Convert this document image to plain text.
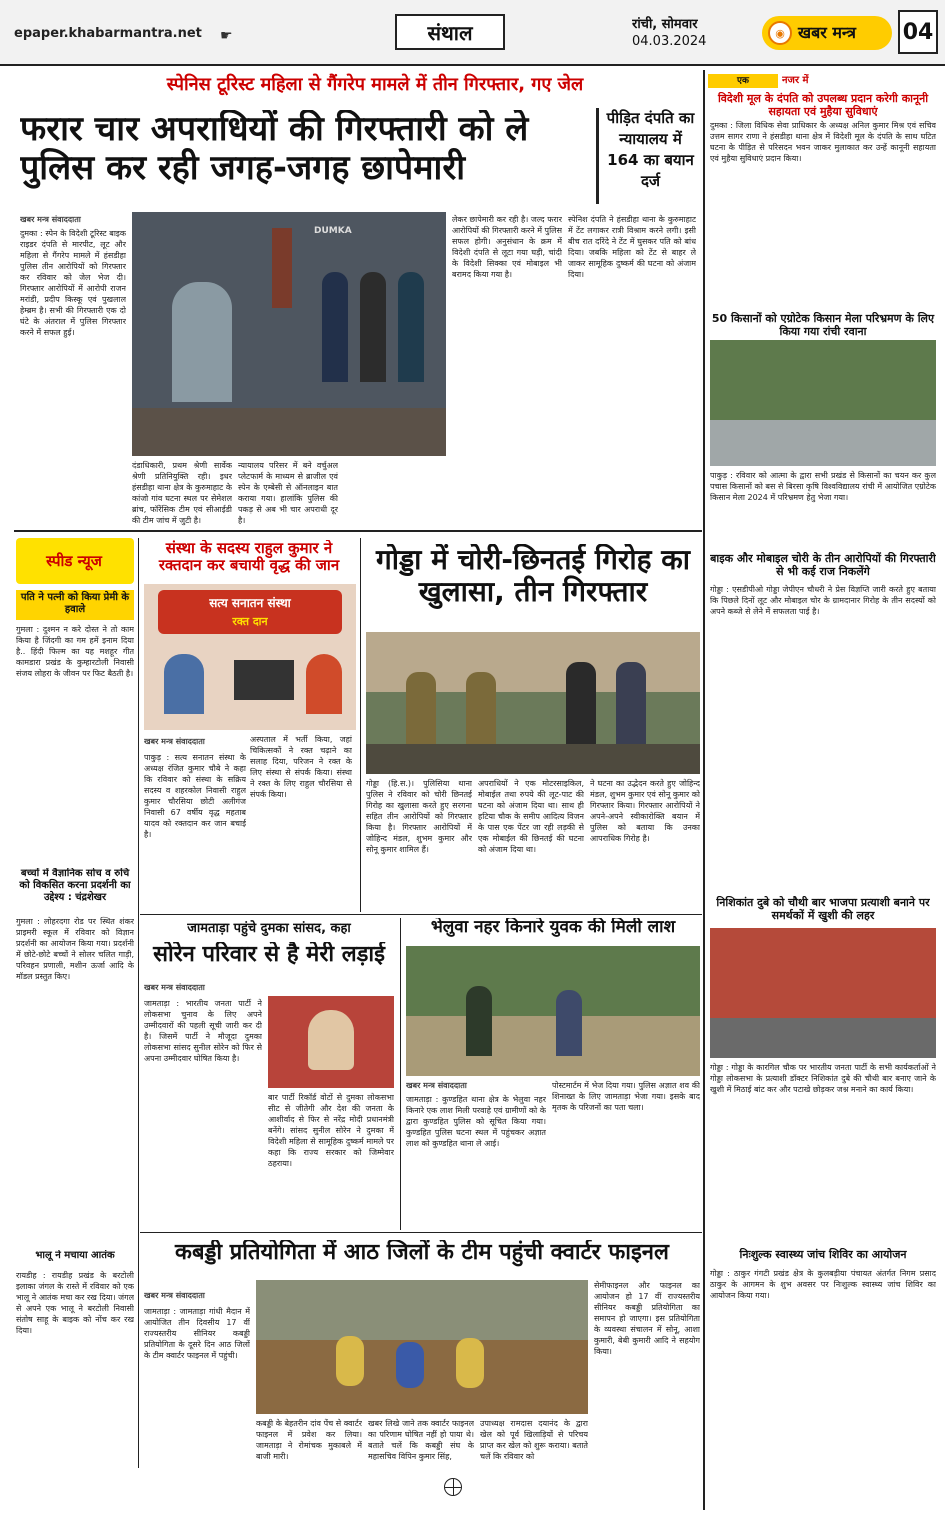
epaper.khabarmantra.net ☛	संथाल	रांची, सोमवार
04.03.2024	खबर मन्त्र
◉	04
स्पेनिस टूरिस्ट महिला से गैंगरेप मामले में तीन गिरफ्तार, गए जेल
फरार चार अपराधियों की गिरफ्तारी को ले पुलिस कर रही जगह-जगह छापेमारी
पीड़ित दंपति का न्यायालय में 164 का बयान दर्ज
खबर मन्त्र संवाददाता
दुमका : स्पेन के विदेशी टूरिस्ट बाइक राइडर दंपति से मारपीट, लूट और महिला से गैंगरेप मामले में हंसडीहा पुलिस तीन आरोपियों को गिरफ्तार कर रविवार को जेल भेज दी। गिरफ्तार आरोपियों में आरोपी राजन मरांडी, प्रदीप किस्कू एवं पुखलाल हेम्ब्रम है। सभी की गिरफ्तारी एक दो घंटे के अंतराल में पुलिस गिरफ्तार करने में सफल हुई।
DUMKA
दंडाधिकारी, प्रथम श्रेणी सार्वेक श्रेणी प्रतिनियुक्ति रही। इधर हंसडीहा थाना क्षेत्र के कुरुमाहाट के कांजो गांव घटना स्थल पर सेमेशल ब्रांच, फॉरेंसिक टीम एवं सीआईडी की टीम जांच में जुटी है।
न्यायालय परिसर में बने वर्चुअल प्लेटफार्म के माध्यम से ब्राजील एवं स्पेन के एम्बेसी से ऑनलाइन बात कराया गया। हालांकि पुलिस की पकड़ से अब भी चार अपराधी दूर है।
लेकर छापेमारी कर रही है। जल्द फरार आरोपियों की गिरफ्तारी करने में पुलिस सफल होगी। अनुसंधान के क्रम में विदेशी दंपति से लूटा गया घड़ी, चांदी के विदेशी सिक्का एवं मोबाइल भी बरामद किया गया है।
स्पेनिश दंपति ने हंसडीहा थाना के कुरुमाहाट में टेंट लगाकर रात्री विश्राम करने लगी। इसी बीच रात दरिंदे ने टेंट में घुसकर पति को बांध दिया। जबकि महिला को टेंट से बाहर ले जाकर सामूहिक दुष्कर्म की घटना को अंजाम दिया।
एक	नजर में
विदेशी मूल के दंपति को उपलब्ध प्रदान करेगी कानूनी सहायता एवं मुहैया सुविधाएं
दुमका : जिला विधिक सेवा प्राधिकार के अध्यक्ष अनिल कुमार मिश्र एवं सचिव उत्तम सागर राणा ने हंसडीहा थाना क्षेत्र में विदेशी मूल के दंपति के साथ घटित घटना के पीड़ित से परिसदन भवन जाकर मुलाकात कर उन्हें कानूनी सहायता एवं मुहैया सुविधाएं प्रदान किया।
50 किसानों को एग्रोटेक किसान मेला परिभ्रमण के लिए किया गया रांची रवाना
पाकुड़ : रविवार को आत्मा के द्वारा सभी प्रखंड से किसानों का चयन कर कुल पचास किसानों को बस से बिरसा कृषि विश्वविद्यालय रांची में आयोजित एग्रोटेक किसान मेला 2024 में परिभ्रमण हेतु भेजा गया।
बाइक और मोबाइल चोरी के तीन आरोपियों की गिरफ्तारी से भी कई राज निकलेंगे
गोड्डा : एसडीपीओ गोड्डा जेपीएन चौधरी ने प्रेस विज्ञप्ति जारी करते हुए बताया कि पिछले दिनों लूट और मोबाइल चोर के ग्रामदानार गिरोह के तीन सदस्यों को अपने कब्जे से लेने में सफलता पाई है।
निशिकांत दुबे को चौथी बार भाजपा प्रत्याशी बनाने पर समर्थकों में खुशी की लहर
गोड्डा : गोड्डा के कारगिल चौक पर भारतीय जनता पार्टी के सभी कार्यकर्ताओं ने गोड्डा लोकसभा के प्रत्याशी डॉक्टर निशिकांत दुबे की चौथी बार बनाए जाने के खुशी में मिठाई बांट कर और पटाखे छोड़कर जश्न मनाने का कार्य किया।
निःशुल्क स्वास्थ्य जांच शिविर का आयोजन
गोड्डा : ठाकुर गंगटी प्रखंड क्षेत्र के कुलबड़ीया पंचायत अंतर्गत निगम प्रसाद ठाकुर के आगमन के शुभ अवसर पर निःशुल्क स्वास्थ्य जांच शिविर का आयोजन किया गया।
स्पीड न्यूज
पति ने पत्नी को किया प्रेमी के हवाले
गुमला : दुश्मन न करे दोस्त ने तो काम किया है जिंदगी का गम हमें इनाम दिया है.. हिंदी फिल्म का यह मशहूर गीत कामडारा प्रखंड के कुम्हारटोली निवासी संजय लोहरा के जीवन पर फिट बैठती है।
बच्चों में वैज्ञानिक सोच व रुचि को विकसित करना प्रदर्शनी का उद्देश्य : चंद्रशेखर
गुमला : लोहरदगा रोड पर स्थित शंकर प्राइमरी स्कूल में रविवार को विज्ञान प्रदर्शनी का आयोजन किया गया। प्रदर्शनी में छोटे-छोटे बच्चों ने सोलर चलित गाड़ी, परिवहन प्रणाली, मशीन ऊर्जा आदि के मॉडल प्रस्तुत किए।
भालू ने मचाया आतंक
रायडीह : रायडीह प्रखंड के बरटोली इलाका जंगल के रास्ते में रविवार को एक भालू ने आतंक मचा कर रख दिया। जंगल से अपने एक भालू ने बरटोली निवासी संतोष साहू के बाइक को नोंच कर रख दिया।
संस्था के सदस्य राहुल कुमार ने रक्तदान कर बचायी वृद्ध की जान
सत्य सनातन संस्था
रक्त दान
खबर मन्त्र संवाददाता
पाकुड़ : सत्य सनातन संस्था के अध्यक्ष रंजित कुमार चौबे ने कहा कि रविवार को संस्था के सक्रिय सदस्य व शहरकोल निवासी राहुल कुमार चौरसिया छोटी अलीगंज निवासी 67 वर्षीय वृद्ध महताब यादव को रक्तदान कर जान बचाई है।
अस्पताल में भर्ती किया, जहां चिकित्सकों ने रक्त चढ़ाने का सलाह दिया, परिजन ने रक्त के लिए संस्था से संपर्क किया। संस्था ने रक्त के लिए राहुल चौरसिया से संपर्क किया।
गोड्डा में चोरी-छिनतई गिरोह का खुलासा, तीन गिरफ्तार
गोड्डा (हि.स.)। पुलिसिया थाना पुलिस ने रविवार को चोरी छिनतई गिरोह का खुलासा करते हुए सरगना सहित तीन आरोपियों को गिरफ्तार किया है। गिरफ्तार आरोपियों में जोहिन्द मंडल, शुभम कुमार और सोनू कुमार शामिल हैं।
अपराधियों ने एक मोटरसाइकिल, मोबाईल तथा रुपये की लूट-पाट की घटना को अंजाम दिया था। साथ ही हटिया चौक के समीप आदित्य विजन के पास एक पेंटर जा रही लड़की से एक मोबाईल की छिनतई की घटना को अंजाम दिया था।
ने घटना का उद्भेदन करते हुए जोहिन्द मंडल, शुभम कुमार एवं सोनू कुमार को गिरफ्तार किया। गिरफ्तार आरोपियों ने अपने-अपने स्वीकारोक्ति बयान में पुलिस को बताया कि उनका आपराधिक गिरोह है।
जामताड़ा पहुंचे दुमका सांसद, कहा
सोरेन परिवार से है मेरी लड़ाई
खबर मन्त्र संवाददाता
जामताड़ा : भारतीय जनता पार्टी ने लोकसभा चुनाव के लिए अपने उम्मीदवारों की पहली सूची जारी कर दी है। जिसमें पार्टी ने मौजूदा दुमका लोकसभा सांसद सुनील सोरेन को फिर से अपना उम्मीदवार घोषित किया है।
बार पार्टी रिकॉर्ड वोटों से दुमका लोकसभा सीट से जीतेगी और देश की जनता के आशीर्वाद से फिर से नरेंद्र मोदी प्रधानमंत्री बनेंगे। सांसद सुनील सोरेन ने दुमका में विदेशी महिला से सामूहिक दुष्कर्म मामले पर कहा कि राज्य सरकार को जिम्मेवार ठहराया।
भेलुवा नहर किनारे युवक की मिली लाश
खबर मन्त्र संवाददाता
जामताड़ा : कुण्डहित थाना क्षेत्र के भेलुवा नहर किनारे एक लाश मिली परवाहे एवं ग्रामीणों को के द्वारा कुण्डहित पुलिस को सूचित किया गया। कुण्डहित पुलिस घटना स्थल में पहुंचकर अज्ञात लाश को कुण्डहित थाना ले आई।
पोस्टमार्टम में भेज दिया गया। पुलिस अज्ञात शव की शिनाख्त के लिए जामताड़ा भेजा गया। इसके बाद मृतक के परिजनों का पता चला।
कबड्डी प्रतियोगिता में आठ जिलों के टीम पहुंची क्वार्टर फाइनल
खबर मन्त्र संवाददाता
जामताड़ा : जामताड़ा गांधी मैदान में आयोजित तीन दिवसीय 17 वीं राज्यस्तरीय सीनियर कबड्डी प्रतियोगिता के दूसरे दिन आठ जिलों के टीम क्वार्टर फाइनल में पहुंची।
कबड्डी के बेहतरीन दांव पेंच से क्वार्टर फाइनल में प्रवेश कर लिया। जामताड़ा ने रोमांचक मुकाबले में बाजी मारी।
खबर लिखे जाने तक क्वार्टर फाइनल का परिणाम घोषित नहीं हो पाया थे। बताते चलें कि कबड्डी संघ के महासचिव विपिन कुमार सिंह,
उपाध्यक्ष रामदास दयानंद के द्वारा खेल को पूर्व खिलाड़ियों से परिचय प्राप्त कर खेल को शुरू कराया। बताते चलें कि रविवार को
सेमीफाइनल और फाइनल का आयोजन हो 17 वीं राज्यस्तरीय सीनियर कबड्डी प्रतियोगिता का समापन हो जाएगा। इस प्रतियोगिता के व्यवस्था संचालन में सोनू, आशा कुमारी, बेबी कुमारी आदि ने सहयोग किया।
